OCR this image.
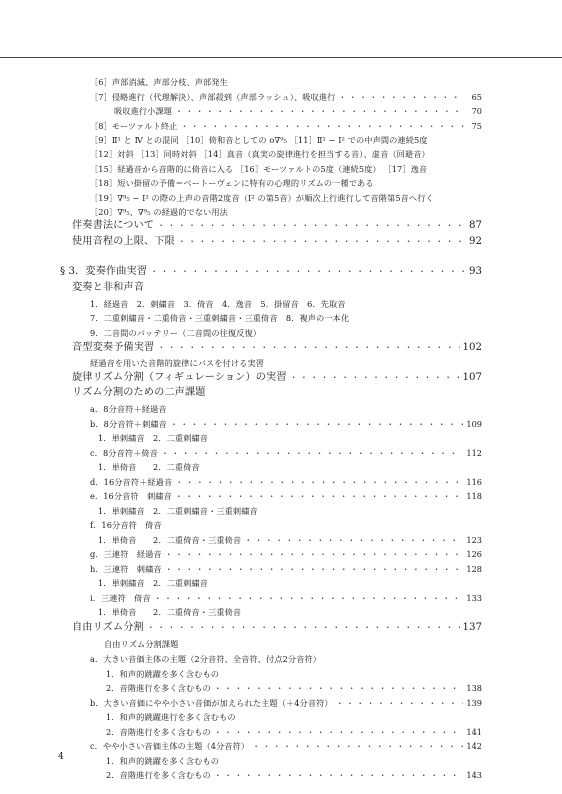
［6］声部消滅、声部分枝、声部発生
［7］侵略進行（代理解決）、声部殺到（声部ラッシュ）、吸収進行 ・・・・・・・・・・・・・・・・・・・・・・・・・・・・・・・・・・・・・・・・・・・・・・・・・・・・・・・・・・・・・・・・・・・・・・・・・・・・	65
吸収進行小課題 ・・・・・・・・・・・・・・・・・・・・・・・・・・・・・・・・・・・・・・・・・・・・・・・・・・・・・・・・・・・・・・・・・・・・・・・・・・・・	70
［8］モーツァルト終止 ・・・・・・・・・・・・・・・・・・・・・・・・・・・・・・・・・・・・・・・・・・・・・・・・・・・・・・・・・・・・・・・・・・・・・・・・・・・・	75
［9］Ⅱ¹ と Ⅳ との混同 ［10］倚和音としての o∇⁹₅ ［11］Ⅱ¹ − Ⅰ² での中声間の連続5度
［12］対斜 ［13］同時対斜 ［14］真音（真実の旋律進行を担当する音）、虚音（回避音）
［15］経過音から音階的に倚音に入る ［16］モーツァルトの5度（連続5度） ［17］逸音
［18］短い掛留の予備＝ベートーヴェンに特有の心理的リズムの一種である
［19］∇⁹₅ − Ⅰ² の際の上声の音階2度音（Ⅰ² の第5音）が順次上行進行して音階第5音へ行く
［20］∇⁹₅、∇⁹₅ の経過的でない用法
伴奏書法について ・・・・・・・・・・・・・・・・・・・・・・・・・・・・・・・・・・・・・・・・・・・・・・・・・・・・・・・・・・・・・・・・・・・・・・・・・・・・	87
使用音程の上限、下限 ・・・・・・・・・・・・・・・・・・・・・・・・・・・・・・・・・・・・・・・・・・・・・・・・・・・・・・・・・・・・・・・・・・・・・・・・・・・・	92
§ 3．変奏作曲実習 ・・・・・・・・・・・・・・・・・・・・・・・・・・・・・・・・・・・・・・・・・・・・・・・・・・・・・・・・・・・・・・・・・・・・・・・・・・・・	93
変奏と非和声音
1．経過音　2．刺繍音　3．倚音　4．逸音　5．掛留音　6．先取音
7．二重刺繍音・二重倚音・三重刺繍音・三重倚音　8．複声の一本化
9．二音間のバッテリー（二音間の往復反復）
音型変奏予備実習 ・・・・・・・・・・・・・・・・・・・・・・・・・・・・・・・・・・・・・・・・・・・・・・・・・・・・・・・・・・・・・・・・・・・・・・・・・・・・	102
経過音を用いた音階的旋律にバスを付ける実習
旋律リズム分割（フィギュレーション）の実習 ・・・・・・・・・・・・・・・・・・・・・・・・・・・・・・・・・・・・・・・・・・・・・・・・・・・・・・・・・・・・・・・・・・・・・・・・・・・・	107
リズム分割のための二声課題
a．8分音符＋経過音
b．8分音符＋刺繍音 ・・・・・・・・・・・・・・・・・・・・・・・・・・・・・・・・・・・・・・・・・・・・・・・・・・・・・・・・・・・・・・・・・・・・・・・・・・・・	109
1．単刺繍音　2．二重刺繍音
c．8分音符＋倚音 ・・・・・・・・・・・・・・・・・・・・・・・・・・・・・・・・・・・・・・・・・・・・・・・・・・・・・・・・・・・・・・・・・・・・・・・・・・・・	112
1．単倚音　　2．二重倚音
d．16分音符＋経過音 ・・・・・・・・・・・・・・・・・・・・・・・・・・・・・・・・・・・・・・・・・・・・・・・・・・・・・・・・・・・・・・・・・・・・・・・・・・・・	116
e．16分音符　刺繍音 ・・・・・・・・・・・・・・・・・・・・・・・・・・・・・・・・・・・・・・・・・・・・・・・・・・・・・・・・・・・・・・・・・・・・・・・・・・・・	118
1．単刺繍音　2．二重刺繍音・三重刺繍音
f．16分音符　倚音
1．単倚音　　2．二重倚音・三重倚音 ・・・・・・・・・・・・・・・・・・・・・・・・・・・・・・・・・・・・・・・・・・・・・・・・・・・・・・・・・・・・・・・・・・・・・・・・・・・・	123
g．三連符　経過音 ・・・・・・・・・・・・・・・・・・・・・・・・・・・・・・・・・・・・・・・・・・・・・・・・・・・・・・・・・・・・・・・・・・・・・・・・・・・・	126
h．三連符　刺繍音 ・・・・・・・・・・・・・・・・・・・・・・・・・・・・・・・・・・・・・・・・・・・・・・・・・・・・・・・・・・・・・・・・・・・・・・・・・・・・	128
1．単刺繍音　2．二重刺繍音
i．三連符　倚音 ・・・・・・・・・・・・・・・・・・・・・・・・・・・・・・・・・・・・・・・・・・・・・・・・・・・・・・・・・・・・・・・・・・・・・・・・・・・・	133
1．単倚音　　2．二重倚音・三重倚音
自由リズム分割 ・・・・・・・・・・・・・・・・・・・・・・・・・・・・・・・・・・・・・・・・・・・・・・・・・・・・・・・・・・・・・・・・・・・・・・・・・・・・	137
自由リズム分割課題
a．大きい音価主体の主題（2分音符、全音符、付点2分音符）
1．和声的跳躍を多く含むもの
2．音階進行を多く含むもの ・・・・・・・・・・・・・・・・・・・・・・・・・・・・・・・・・・・・・・・・・・・・・・・・・・・・・・・・・・・・・・・・・・・・・・・・・・・・	138
b．大きい音価にやや小さい音価が加えられた主題（＋4分音符） ・・・・・・・・・・・・・・・・・・・・・・・・・・・・・・・・・・・・・・・・・・・・・・・・・・・・・・・・・・・・・・・・・・・・・・・・・・・・	139
1．和声的跳躍進行を多く含むもの
2．音階進行を多く含むもの ・・・・・・・・・・・・・・・・・・・・・・・・・・・・・・・・・・・・・・・・・・・・・・・・・・・・・・・・・・・・・・・・・・・・・・・・・・・・	141
c．やや小さい音価主体の主題（4分音符） ・・・・・・・・・・・・・・・・・・・・・・・・・・・・・・・・・・・・・・・・・・・・・・・・・・・・・・・・・・・・・・・・・・・・・・・・・・・・	142
1．和声的跳躍を多く含むもの
2．音階進行を多く含むもの ・・・・・・・・・・・・・・・・・・・・・・・・・・・・・・・・・・・・・・・・・・・・・・・・・・・・・・・・・・・・・・・・・・・・・・・・・・・・	143
4
